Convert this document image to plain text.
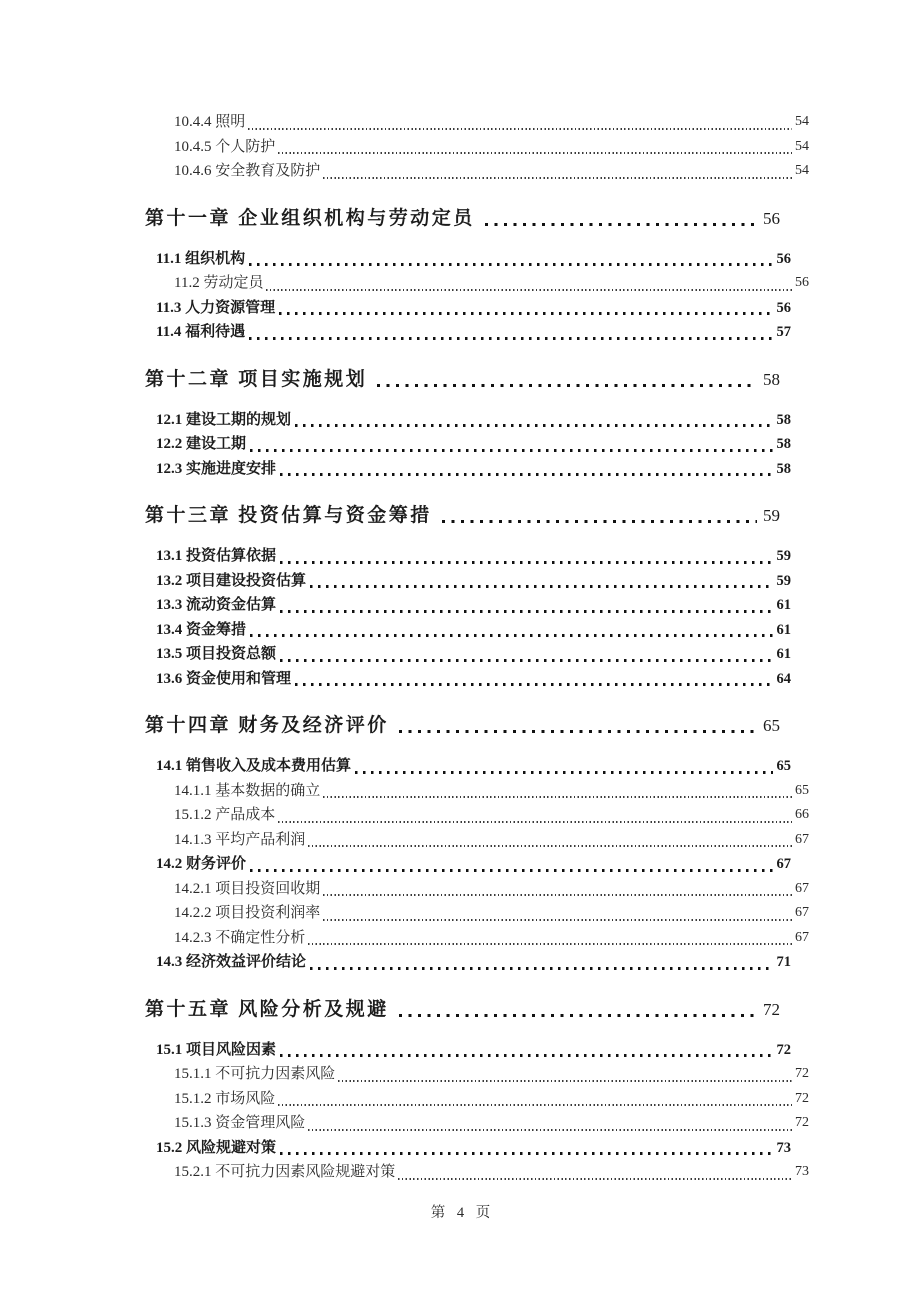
10.4.4 照明	54
10.4.5 个人防护	54
10.4.6 安全教育及防护	54
第十一章 企业组织机构与劳动定员	56
11.1 组织机构	56
11.2 劳动定员	56
11.3 人力资源管理	56
11.4 福利待遇	57
第十二章 项目实施规划	58
12.1 建设工期的规划	58
12.2 建设工期	58
12.3 实施进度安排	58
第十三章 投资估算与资金筹措	59
13.1 投资估算依据	59
13.2 项目建设投资估算	59
13.3 流动资金估算	61
13.4 资金筹措	61
13.5 项目投资总额	61
13.6 资金使用和管理	64
第十四章 财务及经济评价	65
14.1 销售收入及成本费用估算	65
14.1.1 基本数据的确立	65
15.1.2 产品成本	66
14.1.3 平均产品利润	67
14.2 财务评价	67
14.2.1 项目投资回收期	67
14.2.2 项目投资利润率	67
14.2.3 不确定性分析	67
14.3 经济效益评价结论	71
第十五章 风险分析及规避	72
15.1 项目风险因素	72
15.1.1 不可抗力因素风险	72
15.1.2 市场风险	72
15.1.3 资金管理风险	72
15.2 风险规避对策	73
15.2.1 不可抗力因素风险规避对策	73
第 4 页
